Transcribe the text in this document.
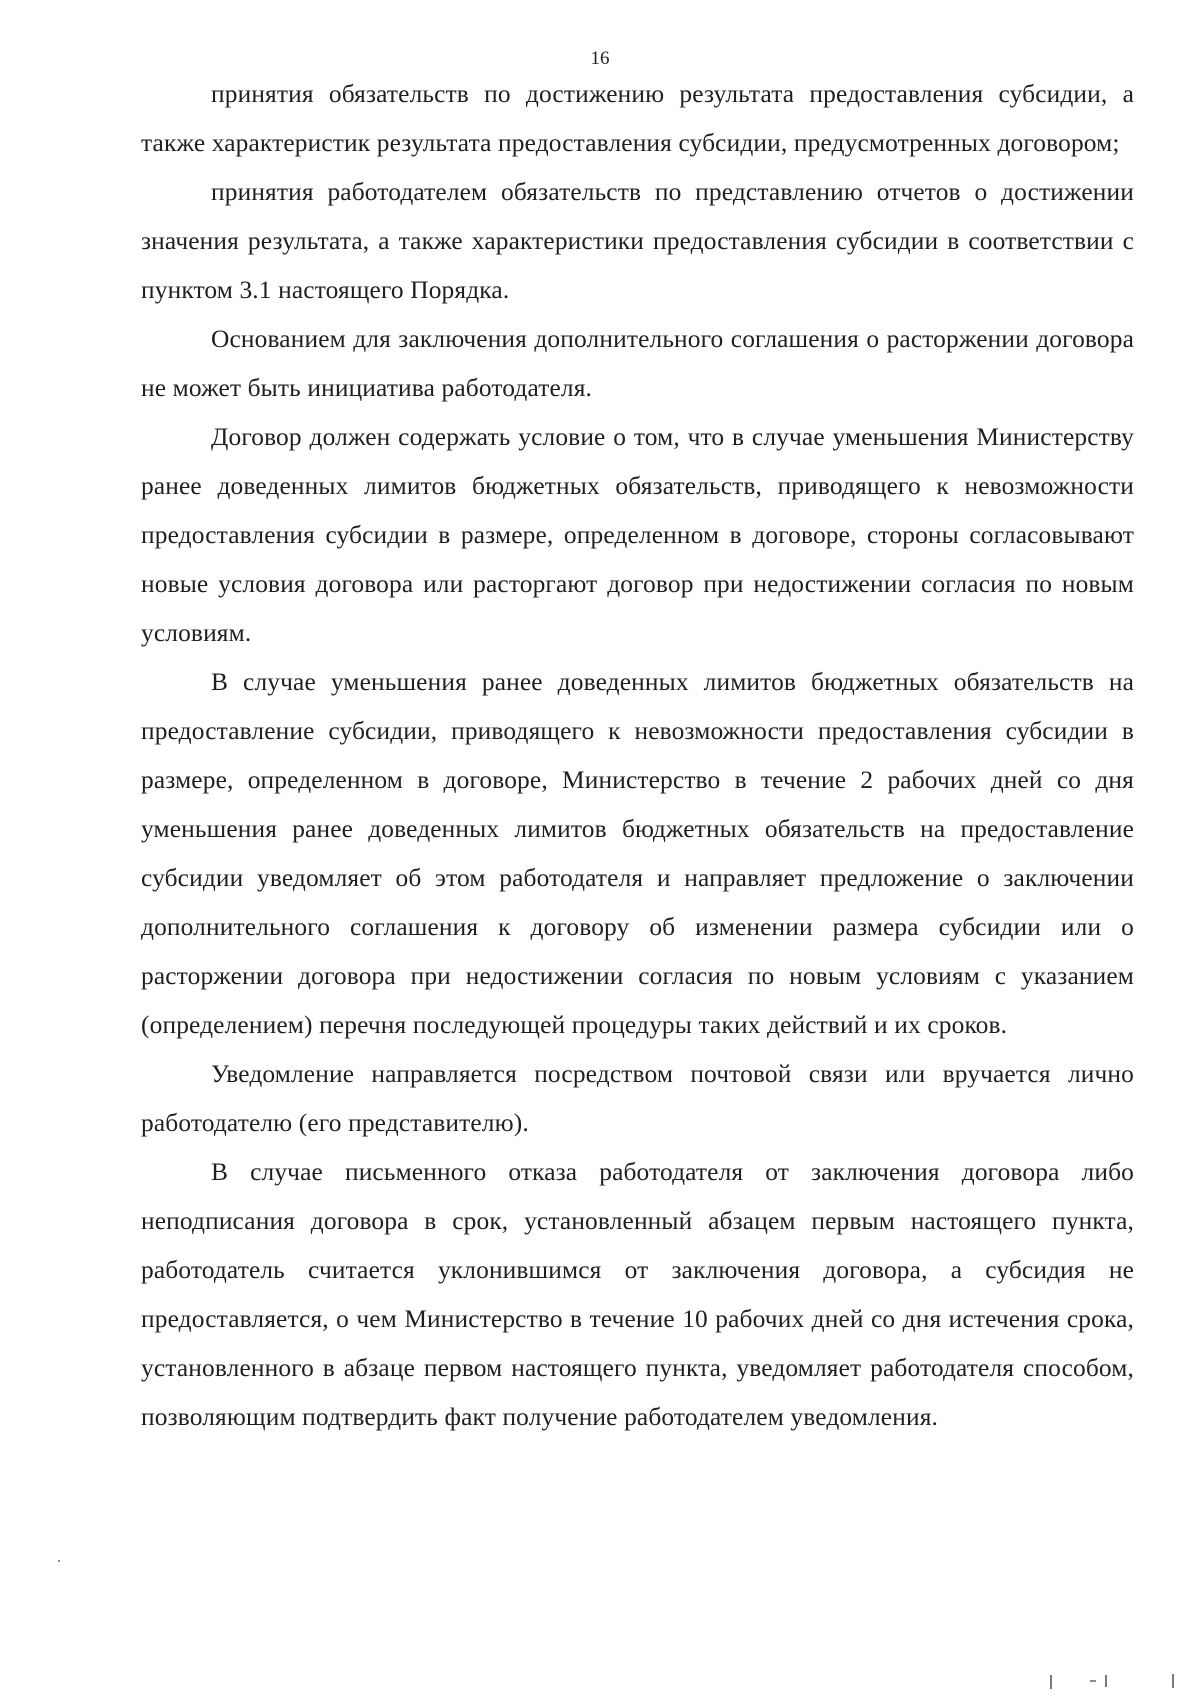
16

принятия обязательств по достижению результата предоставления субсидии, а также характеристик результата предоставления субсидии, предусмотренных договором;

принятия работодателем обязательств по представлению отчетов о достижении значения результата, а также характеристики предоставления субсидии в соответствии с пунктом 3.1 настоящего Порядка.

Основанием для заключения дополнительного соглашения о расторжении договора не может быть инициатива работодателя.

Договор должен содержать условие о том, что в случае уменьшения Министерству ранее доведенных лимитов бюджетных обязательств, приводящего к невозможности предоставления субсидии в размере, определенном в договоре, стороны согласовывают новые условия договора или расторгают договор при недостижении согласия по новым условиям.

В случае уменьшения ранее доведенных лимитов бюджетных обязательств на предоставление субсидии, приводящего к невозможности предоставления субсидии в размере, определенном в договоре, Министерство в течение 2 рабочих дней со дня уменьшения ранее доведенных лимитов бюджетных обязательств на предоставление субсидии уведомляет об этом работодателя и направляет предложение о заключении дополнительного соглашения к договору об изменении размера субсидии или о расторжении договора при недостижении согласия по новым условиям с указанием (определением) перечня последующей процедуры таких действий и их сроков.

Уведомление направляется посредством почтовой связи или вручается лично работодателю (его представителю).

В случае письменного отказа работодателя от заключения договора либо неподписания договора в срок, установленный абзацем первым настоящего пункта, работодатель считается уклонившимся от заключения договора, а субсидия не предоставляется, о чем Министерство в течение 10 рабочих дней со дня истечения срока, установленного в абзаце первом настоящего пункта, уведомляет работодателя способом, позволяющим подтвердить факт получение работодателем уведомления.
